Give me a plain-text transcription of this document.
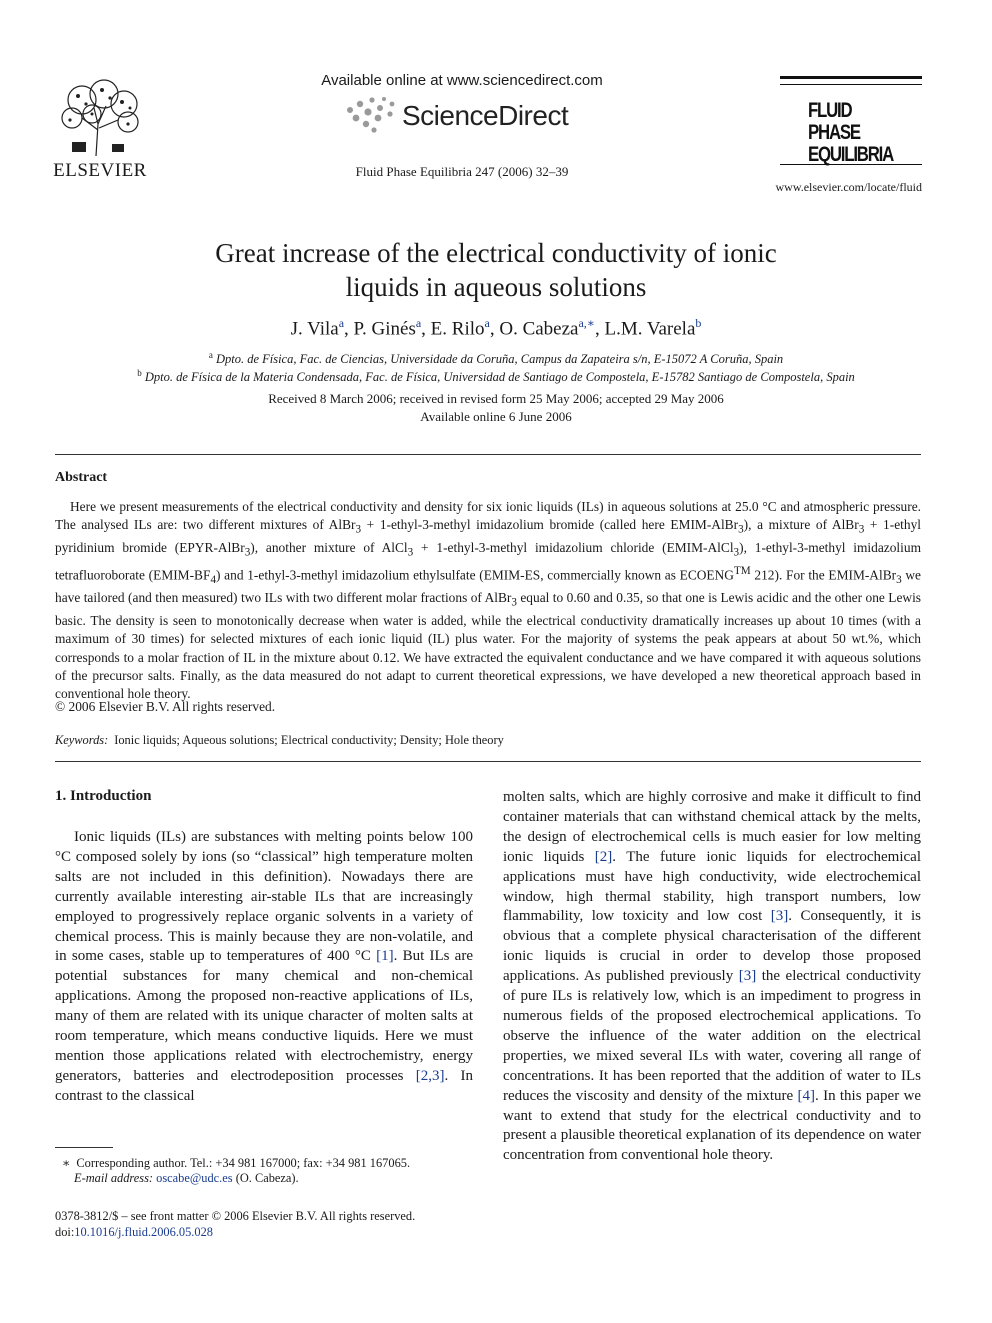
ELSEVIER
Available online at www.sciencedirect.com
ScienceDirect
Fluid Phase Equilibria 247 (2006) 32–39
FLUID PHASE
EQUILIBRIA
www.elsevier.com/locate/fluid
Great increase of the electrical conductivity of ionic
liquids in aqueous solutions
J. Vila$^a$, P. Ginés$^a$, E. Rilo$^a$, O. Cabeza$^{a,∗}$, L.M. Varela$^b$
$^a$ Dpto. de Física, Fac. de Ciencias, Universidade da Coruña, Campus da Zapateira s/n, E-15072 A Coruña, Spain
$^b$ Dpto. de Física de la Materia Condensada, Fac. de Física, Universidad de Santiago de Compostela, E-15782 Santiago de Compostela, Spain
Received 8 March 2006; received in revised form 25 May 2006; accepted 29 May 2006
Available online 6 June 2006
Abstract
Here we present measurements of the electrical conductivity and density for six ionic liquids (ILs) in aqueous solutions at 25.0 °C and atmospheric pressure. The analysed ILs are: two different mixtures of AlBr$_3$ + 1-ethyl-3-methyl imidazolium bromide (called here EMIM-AlBr$_3$), a mixture of AlBr$_3$ + 1-ethyl pyridinium bromide (EPYR-AlBr$_3$), another mixture of AlCl$_3$ + 1-ethyl-3-methyl imidazolium chloride (EMIM-AlCl$_3$), 1-ethyl-3-methyl imidazolium tetrafluoroborate $(EMIM-BF_4)$ and 1-ethyl-3-methyl imidazolium ethylsulfate (EMIM-ES, commercially known as ECOENG™ 212). For the EMIM-AlBr$_3$ we have tailored (and then measured) two ILs with two different molar fractions of AlBr$_3$ equal to 0.60 and 0.35, so that one is Lewis acidic and the other one Lewis basic. The density is seen to monotonically decrease when water is added, while the electrical conductivity dramatically increases up about 10 times (with a maximum of 30 times) for selected mixtures of each ionic liquid (IL) plus water. For the majority of systems the peak appears at about 50 wt.%, which corresponds to a molar fraction of IL in the mixture about 0.12. We have extracted the equivalent conductance and we have compared it with aqueous solutions of the precursor salts. Finally, as the data measured do not adapt to current theoretical expressions, we have developed a new theoretical approach based in conventional hole theory.
© 2006 Elsevier B.V. All rights reserved.
Keywords: Ionic liquids; Aqueous solutions; Electrical conductivity; Density; Hole theory
1. Introduction
Ionic liquids (ILs) are substances with melting points below 100 °C composed solely by ions (so “classical” high temperature molten salts are not included in this definition). Nowadays there are currently available interesting air-stable ILs that are increasingly employed to progressively replace organic solvents in a variety of chemical process. This is mainly because they are non-volatile, and in some cases, stable up to temperatures of 400 °C [1]. But ILs are potential substances for many chemical and non-chemical applications. Among the proposed non-reactive applications of ILs, many of them are related with its unique character of molten salts at room temperature, which means conductive liquids. Here we must mention those applications related with electrochemistry, energy generators, batteries and electrodeposition processes [2,3]. In contrast to the classical
molten salts, which are highly corrosive and make it difficult to find container materials that can withstand chemical attack by the melts, the design of electrochemical cells is much easier for low melting ionic liquids [2]. The future ionic liquids for electrochemical applications must have high conductivity, wide electrochemical window, high thermal stability, high transport numbers, low flammability, low toxicity and low cost [3]. Consequently, it is obvious that a complete physical characterisation of the different ionic liquids is crucial in order to develop those proposed applications. As published previously [3] the electrical conductivity of pure ILs is relatively low, which is an impediment to progress in numerous fields of the proposed electrochemical applications. To observe the influence of the water addition on the electrical properties, we mixed several ILs with water, covering all range of concentrations. It has been reported that the addition of water to ILs reduces the viscosity and density of the mixture [4]. In this paper we want to extend that study for the electrical conductivity and to present a plausible theoretical explanation of its dependence on water concentration from conventional hole theory.
∗ Corresponding author. Tel.: +34 981 167000; fax: +34 981 167065.
E-mail address: oscabe@udc.es (O. Cabeza).
0378-3812/$ – see front matter © 2006 Elsevier B.V. All rights reserved.
doi:10.1016/j.fluid.2006.05.028
